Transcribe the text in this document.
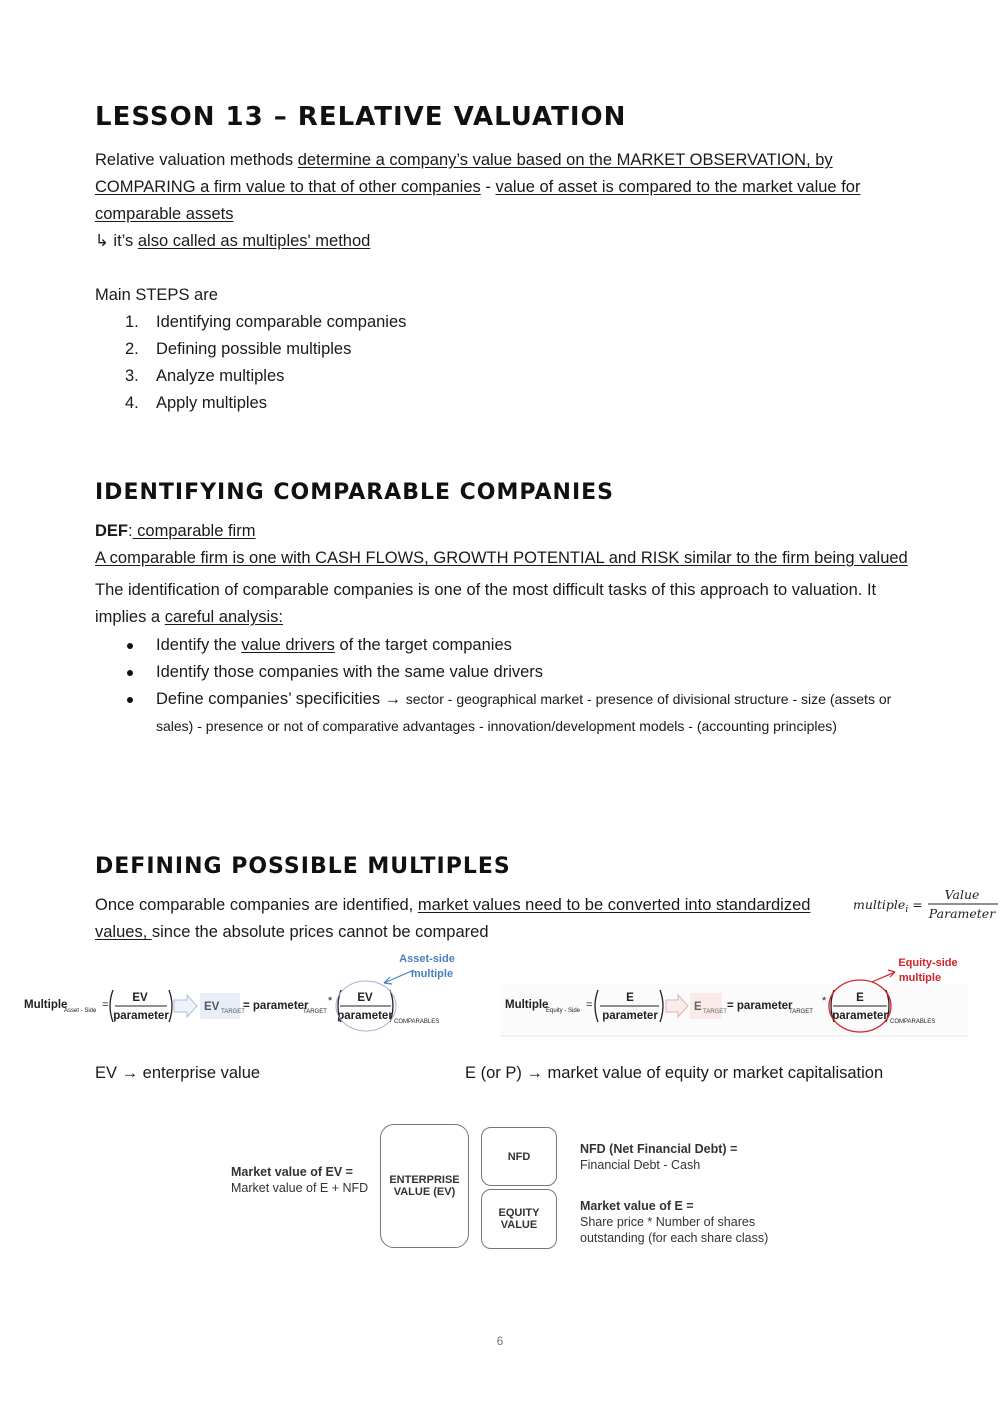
LESSON 13 – RELATIVE VALUATION

Relative valuation methods determine a company’s value based on the MARKET OBSERVATION, by COMPARING a firm value to that of other companies - value of asset is compared to the market value for comparable assets

↳ it’s also called as multiples' method

Main STEPS are

1. Identifying comparable companies
2. Defining possible multiples
3. Analyze multiples
4. Apply multiples
IDENTIFYING COMPARABLE COMPANIES

DEF: comparable firm

A comparable firm is one with CASH FLOWS, GROWTH POTENTIAL and RISK similar to the firm being valued

The identification of comparable companies is one of the most difficult tasks of this approach to valuation. It implies a careful analysis:

Identify the value drivers of the target companies
Identify those companies with the same value drivers
Define companies’ specificities → sector - geographical market - presence of divisional structure - size (assets or sales) - presence or not of comparative advantages - innovation/development models - (accounting principles)
DEFINING POSSIBLE MULTIPLES

Once comparable companies are identified, market values need to be converted into standardized values, since the absolute prices cannot be compared

multiple$_i$ =
Value
Parameter
Multiple
Asset - Side =
EV
parameter
EV TARGET
= parameter
TARGET
* EV
parameter COMPARABLES
Asset-side
multiple
Multiple
Equity - Side =
E
parameter
E TARGET = parameter
TARGET
*	E
parameter COMPARABLES
Equity-side
multiple

EV → enterprise value	E (or P) → market value of equity or market capitalisation

Market value of EV =
Market value of E + NFD
ENTERPRISE
VALUE (EV)
NFD
EQUITY
VALUE
NFD (Net Financial Debt) =
Financial Debt - Cash
Market value of E =
Share price * Number of shares
outstanding (for each share class)
6
